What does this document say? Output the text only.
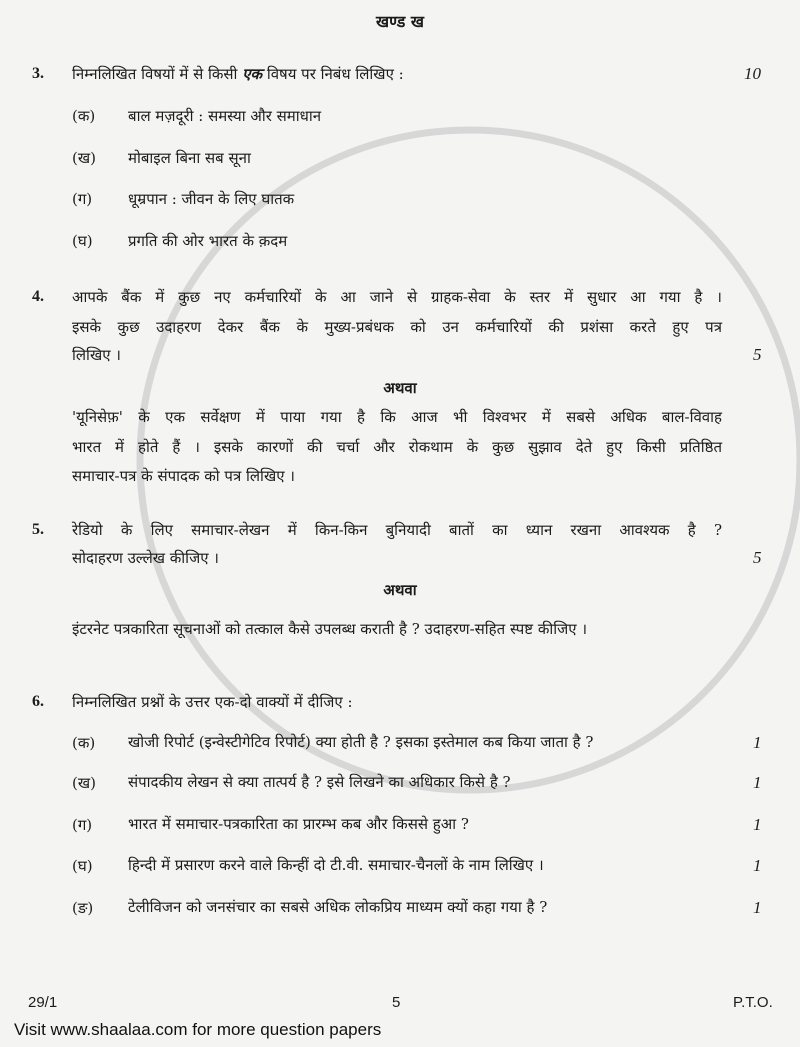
खण्ड ख
3. निम्नलिखित विषयों में से किसी एक विषय पर निबंध लिखिए :	10
(क) बाल मज़दूरी : समस्या और समाधान
(ख) मोबाइल बिना सब सूना
(ग) धूम्रपान : जीवन के लिए घातक
(घ) प्रगति की ओर भारत के क़दम
4. आपके बैंक में कुछ नए कर्मचारियों के आ जाने से ग्राहक-सेवा के स्तर में सुधार आ गया है ।
इसके कुछ उदाहरण देकर बैंक के मुख्य-प्रबंधक को उन कर्मचारियों की प्रशंसा करते हुए पत्र
लिखिए ।	5
अथवा
'यूनिसेफ़' के एक सर्वेक्षण में पाया गया है कि आज भी विश्वभर में सबसे अधिक बाल-विवाह
भारत में होते हैं । इसके कारणों की चर्चा और रोकथाम के कुछ सुझाव देते हुए किसी प्रतिष्ठित
समाचार-पत्र के संपादक को पत्र लिखिए ।
5. रेडियो के लिए समाचार-लेखन में किन-किन बुनियादी बातों का ध्यान रखना आवश्यक है ?
सोदाहरण उल्लेख कीजिए ।	5
अथवा
इंटरनेट पत्रकारिता सूचनाओं को तत्काल कैसे उपलब्ध कराती है ? उदाहरण-सहित स्पष्ट कीजिए ।
6. निम्नलिखित प्रश्नों के उत्तर एक-दो वाक्यों में दीजिए :
(क) खोजी रिपोर्ट (इन्वेस्टीगेटिव रिपोर्ट) क्या होती है ? इसका इस्तेमाल कब किया जाता है ?	1
(ख) संपादकीय लेखन से क्या तात्पर्य है ? इसे लिखने का अधिकार किसे है ?	1
(ग) भारत में समाचार-पत्रकारिता का प्रारम्भ कब और किससे हुआ ?	1
(घ) हिन्दी में प्रसारण करने वाले किन्हीं दो टी.वी. समाचार-चैनलों के नाम लिखिए ।	1
(ङ) टेलीविजन को जनसंचार का सबसे अधिक लोकप्रिय माध्यम क्यों कहा गया है ?	1
29/1	5	P.T.O.
Visit www.shaalaa.com for more question papers
